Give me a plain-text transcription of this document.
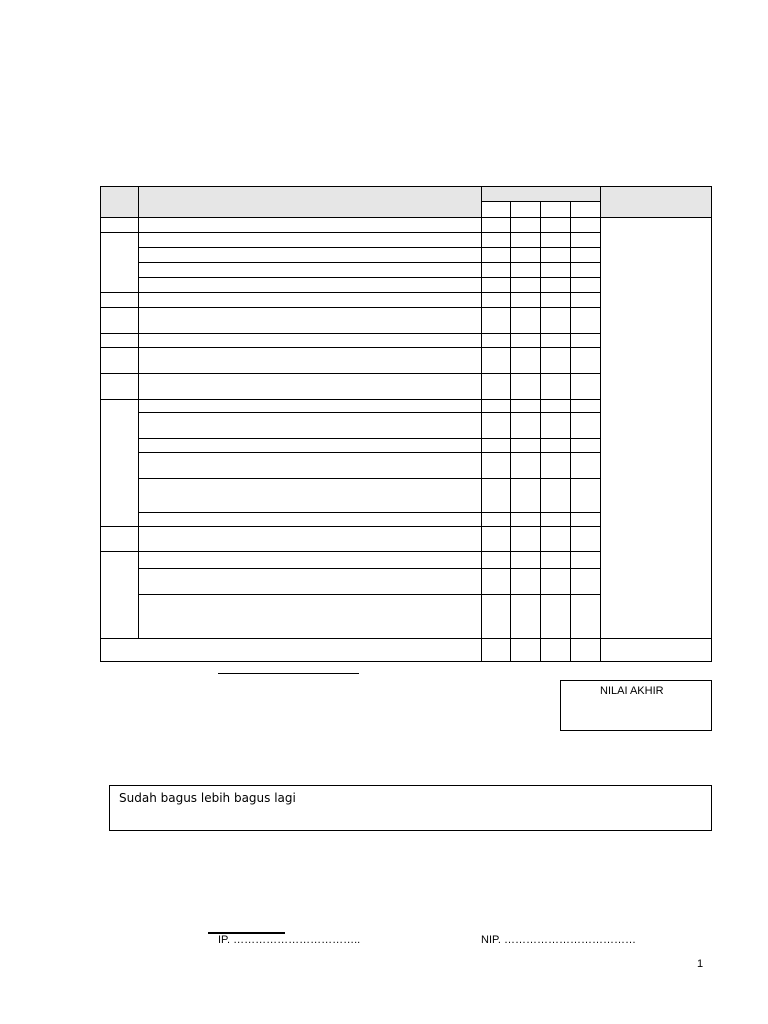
NILAI AKHIR
Sudah bagus lebih bagus lagi
IP. ……………………………..	NIP. ………………………………
1
